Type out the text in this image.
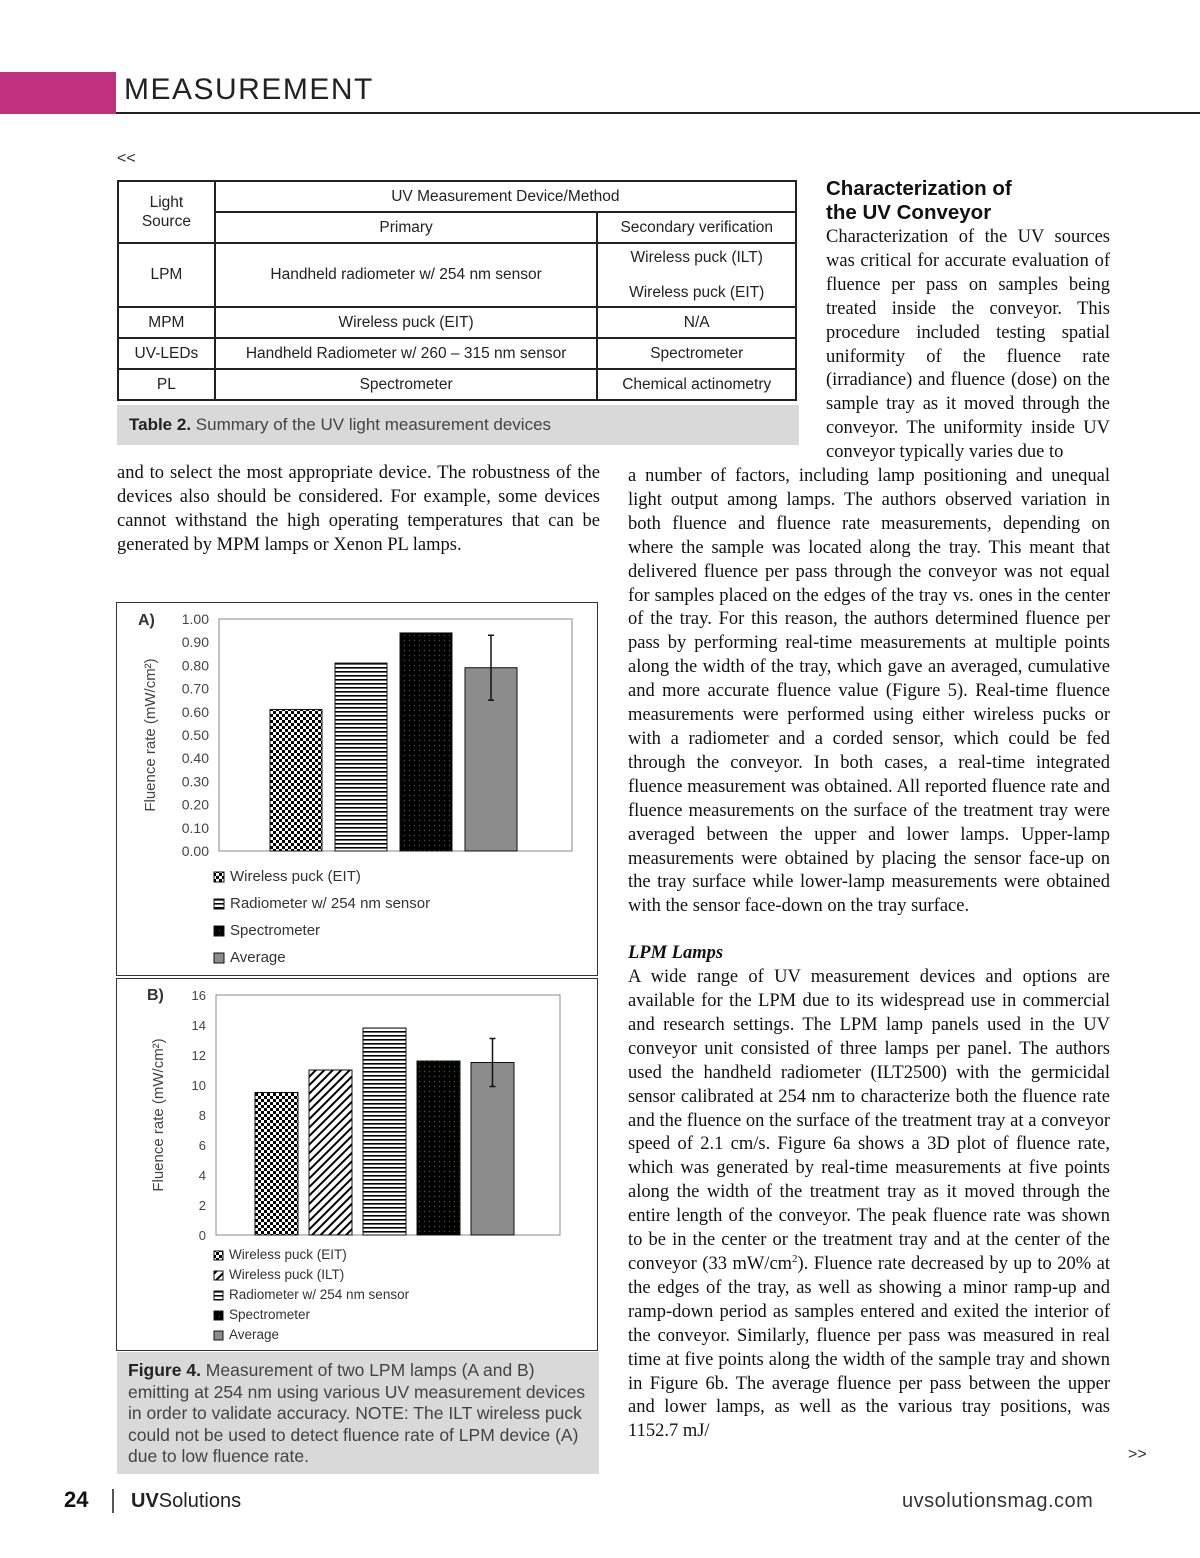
MEASUREMENT
<<
Light
Source	UV Measurement Device/Method	
	Primary	Secondary verification
LPM	Handheld radiometer w/ 254 nm sensor	Wireless puck (ILT)
Wireless puck (EIT)

MPM	Wireless puck (EIT)	N/A
UV-LEDs	Handheld Radiometer w/ 260 – 315 nm sensor	Spectrometer
PL	Spectrometer	Chemical actinometry
Table 2. Summary of the UV light measurement devices

and to select the most appropriate device. The robustness of the devices also should be considered. For example, some devices cannot withstand the high operating temperatures that can be generated by MPM lamps or Xenon PL lamps.

Characterization of
the UV Conveyor

Characterization of the UV sources was critical for accurate evaluation of fluence per pass on samples being treated inside the conveyor. This procedure included testing spatial uniformity of the fluence rate (irradiance) and fluence (dose) on the sample tray as it moved through the conveyor. The uniformity inside UV conveyor typically varies due to

a number of factors, including lamp positioning and unequal light output among lamps. The authors observed variation in both fluence and fluence rate measurements, depending on where the sample was located along the tray. This meant that delivered fluence per pass through the conveyor was not equal for samples placed on the edges of the tray vs. ones in the center of the tray. For this reason, the authors determined fluence per pass by performing real-time measurements at multiple points along the width of the tray, which gave an averaged, cumulative and more accurate fluence value (Figure 5). Real-time fluence measurements were performed using either wireless pucks or with a radiometer and a corded sensor, which could be fed through the conveyor. In both cases, a real-time integrated fluence measurement was obtained. All reported fluence rate and fluence measurements on the surface of the treatment tray were averaged between the upper and lower lamps. Upper-lamp measurements were obtained by placing the sensor face-up on the tray surface while lower-lamp measurements were obtained with the sensor face-down on the tray surface.

LPM Lamps

A wide range of UV measurement devices and options are available for the LPM due to its widespread use in commercial and research settings. The LPM lamp panels used in the UV conveyor unit consisted of three lamps per panel. The authors used the handheld radiometer (ILT2500) with the germicidal sensor calibrated at 254 nm to characterize both the fluence rate and the fluence on the surface of the treatment tray at a conveyor speed of 2.1 cm/s. Figure 6a shows a 3D plot of fluence rate, which was generated by real-time measurements at five points along the width of the treatment tray as it moved through the entire length of the conveyor. The peak fluence rate was shown to be in the center or the treatment tray and at the center of the conveyor (33 $mW/cm^2$). Fluence rate decreased by up to 20% at the edges of the tray, as well as showing a minor ramp-up and ramp-down period as samples entered and exited the interior of the conveyor. Similarly, fluence per pass was measured in real time at five points along the width of the sample tray and shown in Figure 6b. The average fluence per pass between the upper and lower lamps, as well as the various tray positions, was 1152.7 mJ/

>>
A)
Fluence rate (mW/cm²)
0.00
0.10
0.20
0.30
0.40
0.50
0.60
0.70
0.80
0.90
1.00
Wireless puck (EIT)
Radiometer w/ 254 nm sensor
Spectrometer
Average
B)
Fluence rate (mW/cm²)
0
2
4
6
8
10
12
14
16
Wireless puck (EIT)
Wireless puck (ILT)
Radiometer w/ 254 nm sensor
Spectrometer
Average
Figure 4. Measurement of two LPM lamps (A and B) emitting at 254 nm using various UV measurement devices in order to validate accuracy. NOTE: The ILT wireless puck could not be used to detect fluence rate of LPM device (A) due to low fluence rate.
24 UVSolutions	uvsolutionsmag.com
